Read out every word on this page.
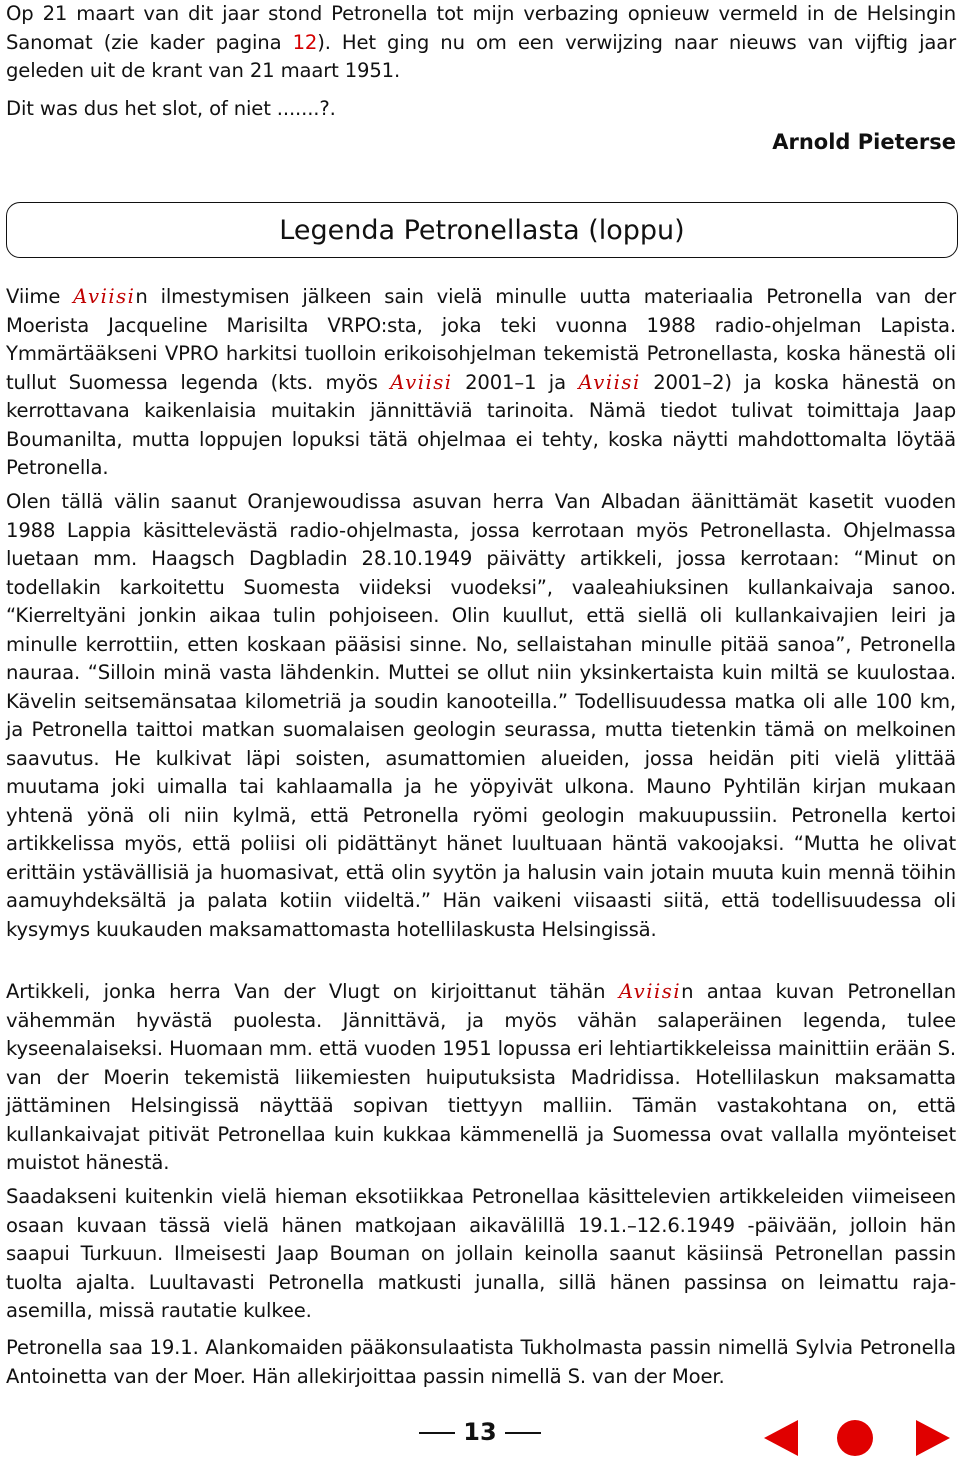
Op 21 maart van dit jaar stond Petronella tot mijn verbazing opnieuw vermeld in de Helsingin Sanomat (zie kader pagina 12). Het ging nu om een verwijzing naar nieuws van vijftig jaar geleden uit de krant van 21 maart 1951.
Dit was dus het slot, of niet .......?.
Arnold Pieterse
Legenda Petronellasta (loppu)
Viime Aviisin ilmestymisen jälkeen sain vielä minulle uutta materiaalia Petronella van der Moerista Jacqueline Marisilta VRPO:sta, joka teki vuonna 1988 radio-ohjelman Lapista. Ymmärtääkseni VPRO harkitsi tuolloin erikoisohjelman tekemistä Petronellasta, koska hänestä oli tullut Suomessa legenda (kts. myös Aviisi 2001–1 ja Aviisi 2001–2) ja koska hänestä on kerrottavana kaikenlaisia muitakin jännittäviä tarinoita. Nämä tiedot tulivat toimittaja Jaap Boumanilta, mutta loppujen lopuksi tätä ohjelmaa ei tehty, koska näytti mahdottomalta löytää Petronella.
Olen tällä välin saanut Oranjewoudissa asuvan herra Van Albadan äänittämät kasetit vuoden 1988 Lappia käsittelevästä radio-ohjelmasta, jossa kerrotaan myös Petronellasta. Ohjelmassa luetaan mm. Haagsch Dagbladin 28.10.1949 päivätty artikkeli, jossa kerrotaan: “Minut on todellakin karkoitettu Suomesta viideksi vuodeksi”, vaaleahiuksinen kullankaivaja sanoo. “Kierreltyäni jonkin aikaa tulin pohjoiseen. Olin kuullut, että siellä oli kullankaivajien leiri ja minulle kerrottiin, etten koskaan pääsisi sinne. No, sellaistahan minulle pitää sanoa”, Petronella nauraa. “Silloin minä vasta lähdenkin. Muttei se ollut niin yksinkertaista kuin miltä se kuulostaa. Kävelin seitsemänsataa kilometriä ja soudin kanooteilla.” Todellisuudessa matka oli alle 100 km, ja Petronella taittoi matkan suomalaisen geologin seurassa, mutta tietenkin tämä on melkoinen saavutus. He kulkivat läpi soisten, asumattomien alueiden, jossa heidän piti vielä ylittää muutama joki uimalla tai kahlaamalla ja he yöpyivät ulkona. Mauno Pyhtilän kirjan mukaan yhtenä yönä oli niin kylmä, että Petronella ryömi geologin makuupussiin. Petronella kertoi artikkelissa myös, että poliisi oli pidättänyt hänet luultuaan häntä vakoojaksi. “Mutta he olivat erittäin ystävällisiä ja huomasivat, että olin syytön ja halusin vain jotain muuta kuin mennä töihin aamuyhdeksältä ja palata kotiin viideltä.” Hän vaikeni viisaasti siitä, että todellisuudessa oli kysymys kuukauden maksamattomasta hotellilaskusta Helsingissä.
Artikkeli, jonka herra Van der Vlugt on kirjoittanut tähän Aviisin antaa kuvan Petronellan vähemmän hyvästä puolesta. Jännittävä, ja myös vähän salaperäinen legenda, tulee kyseenalaiseksi. Huomaan mm. että vuoden 1951 lopussa eri lehtiartikkeleissa mainittiin erään S. van der Moerin tekemistä liikemiesten huiputuksista Madridissa. Hotellilaskun maksamatta jättäminen Helsingissä näyttää sopivan tiettyyn malliin. Tämän vastakohtana on, että kullankaivajat pitivät Petronellaa kuin kukkaa kämmenellä ja Suomessa ovat vallalla myönteiset muistot hänestä.
Saadakseni kuitenkin vielä hieman eksotiikkaa Petronellaa käsittelevien artikkeleiden viimeiseen osaan kuvaan tässä vielä hänen matkojaan aikavälillä 19.1.–12.6.1949 -päivään, jolloin hän saapui Turkuun. Ilmeisesti Jaap Bouman on jollain keinolla saanut käsiinsä Petronellan passin tuolta ajalta. Luultavasti Petronella matkusti junalla, sillä hänen passinsa on leimattu raja-asemilla, missä rautatie kulkee.
Petronella saa 19.1. Alankomaiden pääkonsulaatista Tukholmasta passin nimellä Sylvia Petronella Antoinetta van der Moer. Hän allekirjoittaa passin nimellä S. van der Moer.
13
